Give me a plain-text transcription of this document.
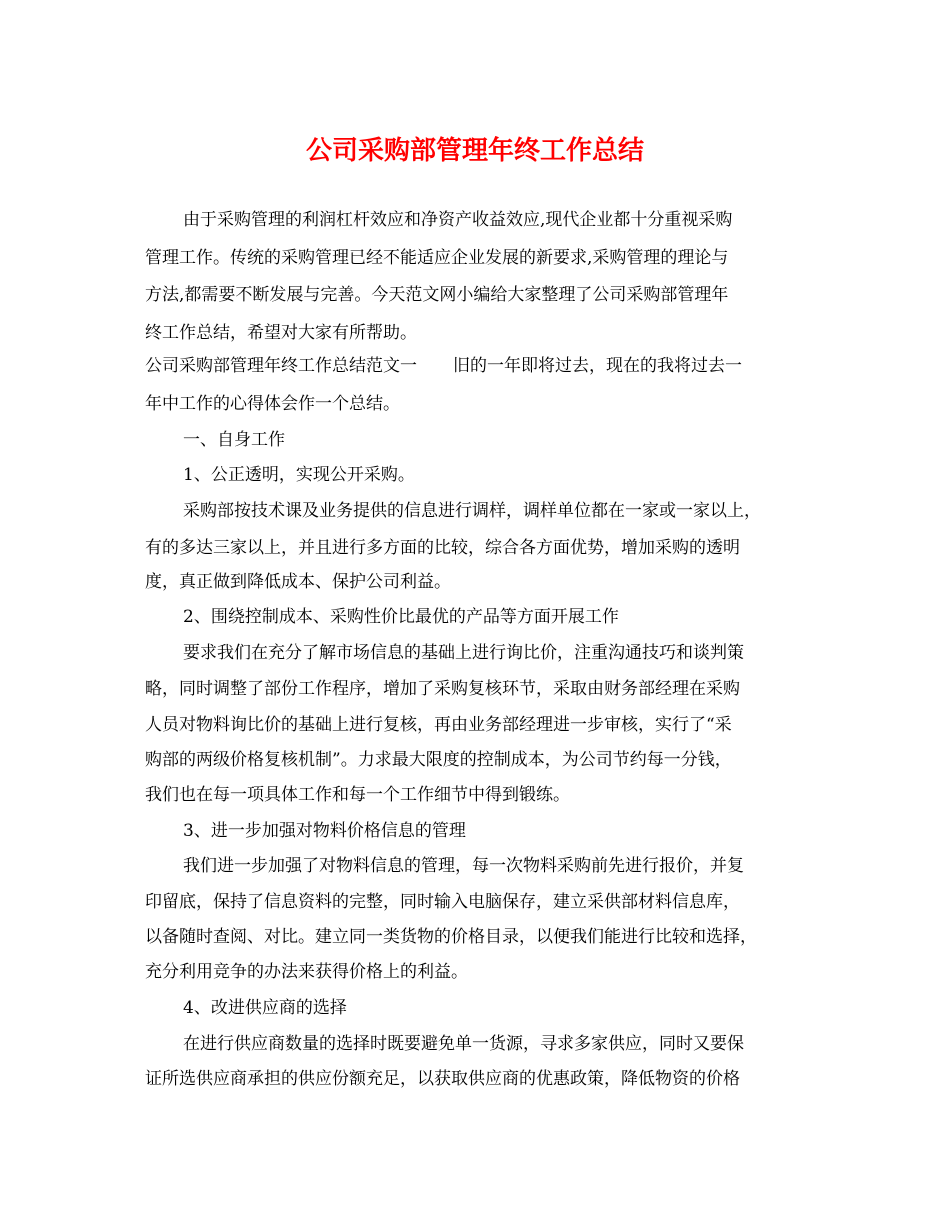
公司采购部管理年终工作总结
由于采购管理的利润杠杆效应和净资产收益效应,现代企业都十分重视采购
管理工作。传统的采购管理已经不能适应企业发展的新要求,采购管理的理论与
方法,都需要不断发展与完善。今天范文网小编给大家整理了公司采购部管理年
终工作总结，希望对大家有所帮助。
公司采购部管理年终工作总结范文一 旧的一年即将过去，现在的我将过去一
年中工作的心得体会作一个总结。
一、自身工作
1、公正透明，实现公开采购。
采购部按技术课及业务提供的信息进行调样，调样单位都在一家或一家以上，
有的多达三家以上，并且进行多方面的比较，综合各方面优势，增加采购的透明
度，真正做到降低成本、保护公司利益。
2、围绕控制成本、采购性价比最优的产品等方面开展工作
要求我们在充分了解市场信息的基础上进行询比价，注重沟通技巧和谈判策
略，同时调整了部份工作程序，增加了采购复核环节，采取由财务部经理在采购
人员对物料询比价的基础上进行复核，再由业务部经理进一步审核，实行了“采
购部的两级价格复核机制”。力求最大限度的控制成本，为公司节约每一分钱，
我们也在每一项具体工作和每一个工作细节中得到锻练。
3、进一步加强对物料价格信息的管理
我们进一步加强了对物料信息的管理，每一次物料采购前先进行报价，并复
印留底，保持了信息资料的完整，同时输入电脑保存，建立采供部材料信息库，
以备随时查阅、对比。建立同一类货物的价格目录，以便我们能进行比较和选择，
充分利用竞争的办法来获得价格上的利益。
4、改进供应商的选择
在进行供应商数量的选择时既要避免单一货源，寻求多家供应，同时又要保
证所选供应商承担的供应份额充足，以获取供应商的优惠政策，降低物资的价格
